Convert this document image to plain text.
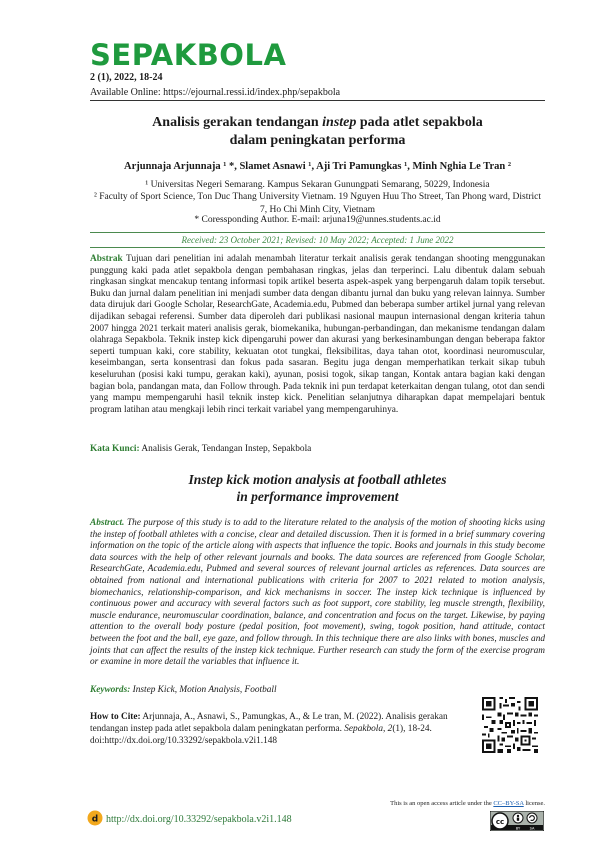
SEPAKBOLA
2 (1), 2022, 18-24
Available Online: https://ejournal.ressi.id/index.php/sepakbola
Analisis gerakan tendangan instep pada atlet sepakbola
dalam peningkatan performa
Arjunnaja Arjunnaja ¹ *, Slamet Asnawi ¹, Aji Tri Pamungkas ¹, Minh Nghia Le Tran ²
¹ Universitas Negeri Semarang. Kampus Sekaran Gunungpati Semarang, 50229, Indonesia
² Faculty of Sport Science, Ton Duc Thang University Vietnam. 19 Nguyen Huu Tho Street, Tan Phong ward, District 7, Ho Chi Minh City, Vietnam
* Coressponding Author. E-mail: arjuna19@unnes.students.ac.id
Received: 23 October 2021; Revised: 10 May 2022; Accepted: 1 June 2022
Abstrak Tujuan dari penelitian ini adalah menambah literatur terkait analisis gerak tendangan shooting menggunakan punggung kaki pada atlet sepakbola dengan pembahasan ringkas, jelas dan terperinci. Lalu dibentuk dalam sebuah ringkasan singkat mencakup tentang informasi topik artikel beserta aspek-aspek yang berpengaruh dalam topik tersebut. Buku dan jurnal dalam penelitian ini menjadi sumber data dengan dibantu jurnal dan buku yang relevan lainnya. Sumber data dirujuk dari Google Scholar, ResearchGate, Academia.edu, Pubmed dan beberapa sumber artikel jurnal yang relevan dijadikan sebagai referensi. Sumber data diperoleh dari publikasi nasional maupun internasional dengan kriteria tahun 2007 hingga 2021 terkait materi analisis gerak, biomekanika, hubungan-perbandingan, dan mekanisme tendangan dalam olahraga Sepakbola. Teknik instep kick dipengaruhi power dan akurasi yang berkesinambungan dengan beberapa faktor seperti tumpuan kaki, core stability, kekuatan otot tungkai, fleksibilitas, daya tahan otot, koordinasi neuromuscular, keseimbangan, serta konsentrasi dan fokus pada sasaran. Begitu juga dengan memperhatikan terkait sikap tubuh keseluruhan (posisi kaki tumpu, gerakan kaki), ayunan, posisi togok, sikap tangan, Kontak antara bagian kaki dengan bagian bola, pandangan mata, dan Follow through. Pada teknik ini pun terdapat keterkaitan dengan tulang, otot dan sendi yang mampu mempengaruhi hasil teknik instep kick. Penelitian selanjutnya diharapkan dapat mempelajari bentuk program latihan atau mengkaji lebih rinci terkait variabel yang mempengaruhinya.
Kata Kunci: Analisis Gerak, Tendangan Instep, Sepakbola
Instep kick motion analysis at football athletes
in performance improvement
Abstract. The purpose of this study is to add to the literature related to the analysis of the motion of shooting kicks using the instep of football athletes with a concise, clear and detailed discussion. Then it is formed in a brief summary covering information on the topic of the article along with aspects that influence the topic. Books and journals in this study become data sources with the help of other relevant journals and books. The data sources are referenced from Google Scholar, ResearchGate, Academia.edu, Pubmed and several sources of relevant journal articles as references. Data sources are obtained from national and international publications with criteria for 2007 to 2021 related to motion analysis, biomechanics, relationship-comparison, and kick mechanisms in soccer. The instep kick technique is influenced by continuous power and accuracy with several factors such as foot support, core stability, leg muscle strength, flexibility, muscle endurance, neuromuscular coordination, balance, and concentration and focus on the target. Likewise, by paying attention to the overall body posture (pedal position, foot movement), swing, togok position, hand attitude, contact between the foot and the ball, eye gaze, and follow through. In this technique there are also links with bones, muscles and joints that can affect the results of the instep kick technique. Further research can study the form of the exercise program or examine in more detail the variables that influence it.
Keywords: Instep Kick, Motion Analysis, Football
How to Cite: Arjunnaja, A., Asnawi, S., Pamungkas, A., & Le tran, M. (2022). Analisis gerakan tendangan instep pada atlet sepakbola dalam peningkatan performa. Sepakbola, 2(1), 18-24. doi:http://dx.doi.org/10.33292/sepakbola.v2i1.148
This is an open access article under the CC–BY-SA license.
cc
BY	SA
d http://dx.doi.org/10.33292/sepakbola.v2i1.148
